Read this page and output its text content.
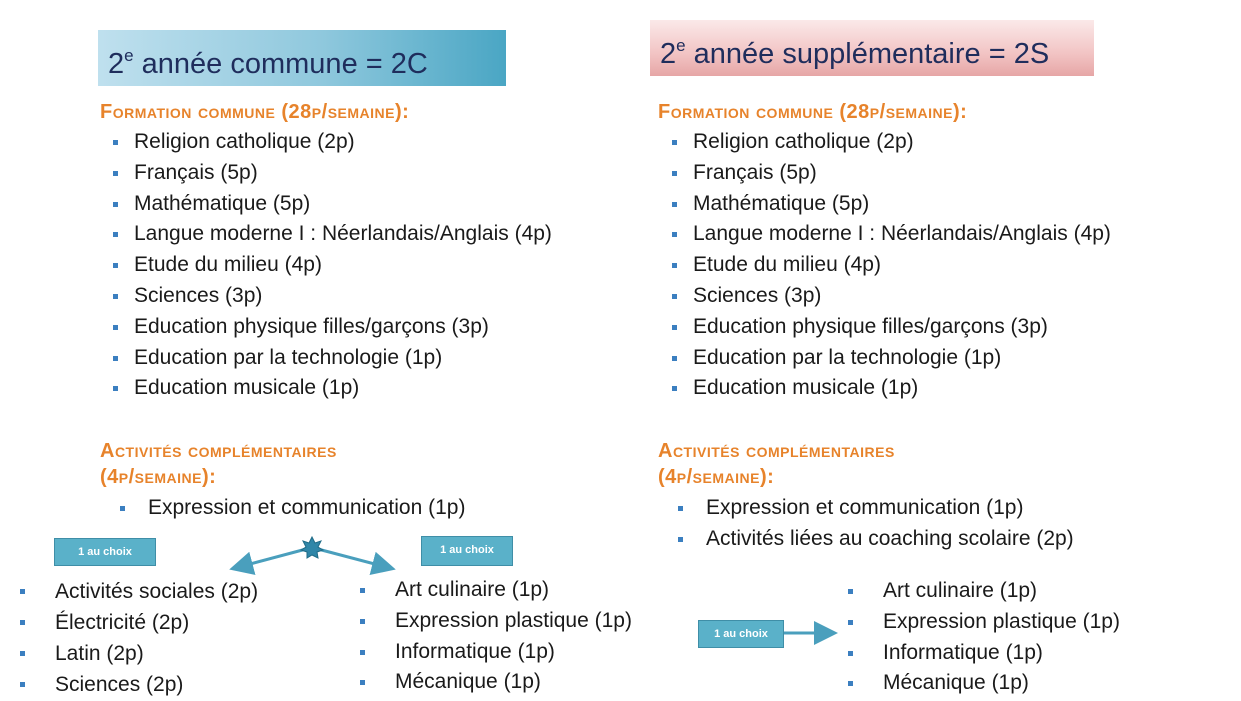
2e année commune = 2C
Formation commune (28p/semaine):
Religion catholique (2p)
Français (5p)
Mathématique (5p)
Langue moderne I : Néerlandais/Anglais (4p)
Etude du milieu (4p)
Sciences (3p)
Education physique filles/garçons (3p)
Education par la technologie (1p)
Education musicale (1p)
Activités complémentaires
(4p/semaine):
Expression et communication (1p)
1 au choix	1 au choix
Activités sociales (2p)
Électricité (2p)
Latin (2p)
Sciences (2p)
Art culinaire (1p)
Expression plastique (1p)
Informatique (1p)
Mécanique (1p)
2e année supplémentaire = 2S
Formation commune (28p/semaine):
Religion catholique (2p)
Français (5p)
Mathématique (5p)
Langue moderne I : Néerlandais/Anglais (4p)
Etude du milieu (4p)
Sciences (3p)
Education physique filles/garçons (3p)
Education par la technologie (1p)
Education musicale (1p)
Activités complémentaires
(4p/semaine):
Expression et communication (1p)
Activités liées au coaching scolaire (2p)
1 au choix
Art culinaire (1p)
Expression plastique (1p)
Informatique (1p)
Mécanique (1p)
